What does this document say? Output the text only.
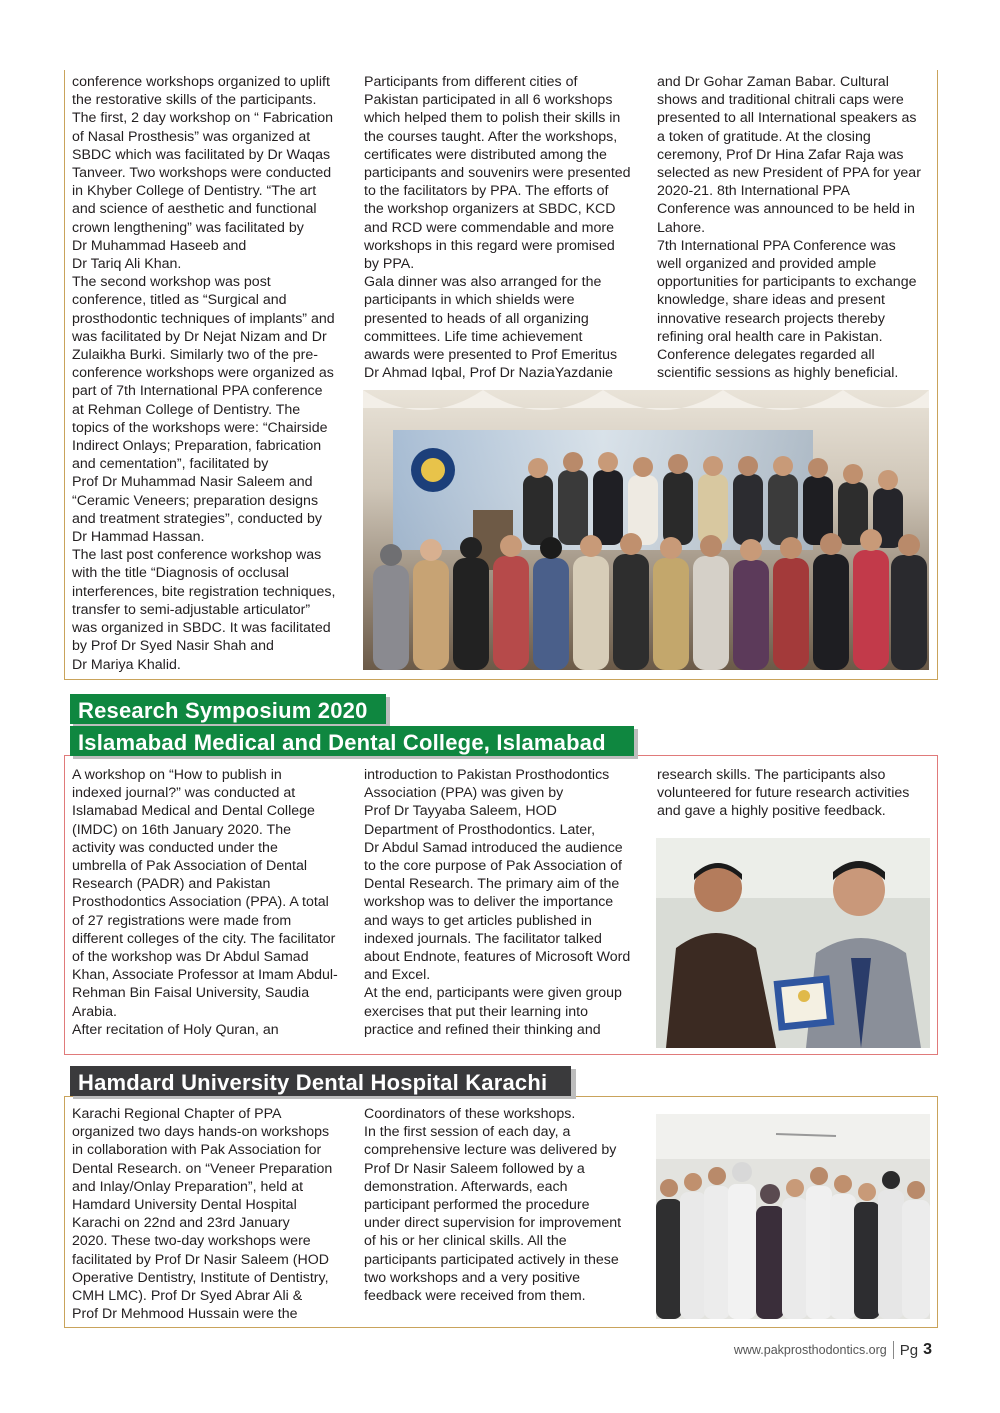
conference workshops organized to uplift
the restorative skills of the participants.
The first, 2 day workshop on “ Fabrication
of Nasal Prosthesis” was organized at
SBDC which was facilitated by Dr Waqas
Tanveer. Two workshops were conducted
in Khyber College of Dentistry. “The art
and science of aesthetic and functional
crown lengthening” was facilitated by
Dr Muhammad Haseeb and
Dr Tariq Ali Khan.
The second workshop was post
conference, titled as “Surgical and
prosthodontic techniques of implants” and
was facilitated by Dr Nejat Nizam and Dr
Zulaikha Burki. Similarly two of the pre-
conference workshops were organized as
part of 7th International PPA conference
at Rehman College of Dentistry. The
topics of the workshops were: “Chairside
Indirect Onlays; Preparation, fabrication
and cementation”, facilitated by
Prof Dr Muhammad Nasir Saleem and
“Ceramic Veneers; preparation designs
and treatment strategies”, conducted by
Dr Hammad Hassan.
The last post conference workshop was
with the title “Diagnosis of occlusal
interferences, bite registration techniques,
transfer to semi-adjustable articulator”
was organized in SBDC. It was facilitated
by Prof Dr Syed Nasir Shah and
Dr Mariya Khalid.
Participants from different cities of
Pakistan participated in all 6 workshops
which helped them to polish their skills in
the courses taught. After the workshops,
certificates were distributed among the
participants and souvenirs were presented
to the facilitators by PPA. The efforts of
the workshop organizers at SBDC, KCD
and RCD were commendable and more
workshops in this regard were promised
by PPA.
Gala dinner was also arranged for the
participants in which shields were
presented to heads of all organizing
committees. Life time achievement
awards were presented to Prof Emeritus
Dr Ahmad Iqbal, Prof Dr NaziaYazdanie
and Dr Gohar Zaman Babar. Cultural
shows and traditional chitrali caps were
presented to all International speakers as
a token of gratitude. At the closing
ceremony, Prof Dr Hina Zafar Raja was
selected as new President of PPA for year
2020-21. 8th International PPA
Conference was announced to be held in
Lahore.
7th International PPA Conference was
well organized and provided ample
opportunities for participants to exchange
knowledge, share ideas and present
innovative research projects thereby
refining oral health care in Pakistan.
Conference delegates regarded all
scientific sessions as highly beneficial.
Research Symposium 2020
Islamabad Medical and Dental College, Islamabad
A workshop on “How to publish in
indexed journal?” was conducted at
Islamabad Medical and Dental College
(IMDC) on 16th January 2020. The
activity was conducted under the
umbrella of Pak Association of Dental
Research (PADR) and Pakistan
Prosthodontics Association (PPA). A total
of 27 registrations were made from
different colleges of the city. The facilitator
of the workshop was Dr Abdul Samad
Khan, Associate Professor at Imam Abdul-
Rehman Bin Faisal University, Saudia
Arabia.
After recitation of Holy Quran, an
introduction to Pakistan Prosthodontics
Association (PPA) was given by
Prof Dr Tayyaba Saleem, HOD
Department of Prosthodontics. Later,
Dr Abdul Samad introduced the audience
to the core purpose of Pak Association of
Dental Research. The primary aim of the
workshop was to deliver the importance
and ways to get articles published in
indexed journals. The facilitator talked
about Endnote, features of Microsoft Word
and Excel.
At the end, participants were given group
exercises that put their learning into
practice and refined their thinking and
research skills. The participants also
volunteered for future research activities
and gave a highly positive feedback.
Hamdard University Dental Hospital Karachi
Karachi Regional Chapter of PPA
organized two days hands-on workshops
in collaboration with Pak Association for
Dental Research. on “Veneer Preparation
and Inlay/Onlay Preparation”, held at
Hamdard University Dental Hospital
Karachi on 22nd and 23rd January
2020. These two-day workshops were
facilitated by Prof Dr Nasir Saleem (HOD
Operative Dentistry, Institute of Dentistry,
CMH LMC). Prof Dr Syed Abrar Ali &
Prof Dr Mehmood Hussain were the
Coordinators of these workshops.
In the first session of each day, a
comprehensive lecture was delivered by
Prof Dr Nasir Saleem followed by a
demonstration. Afterwards, each
participant performed the procedure
under direct supervision for improvement
of his or her clinical skills. All the
participants participated actively in these
two workshops and a very positive
feedback were received from them.
www.pakprosthodontics.org Pg 3
